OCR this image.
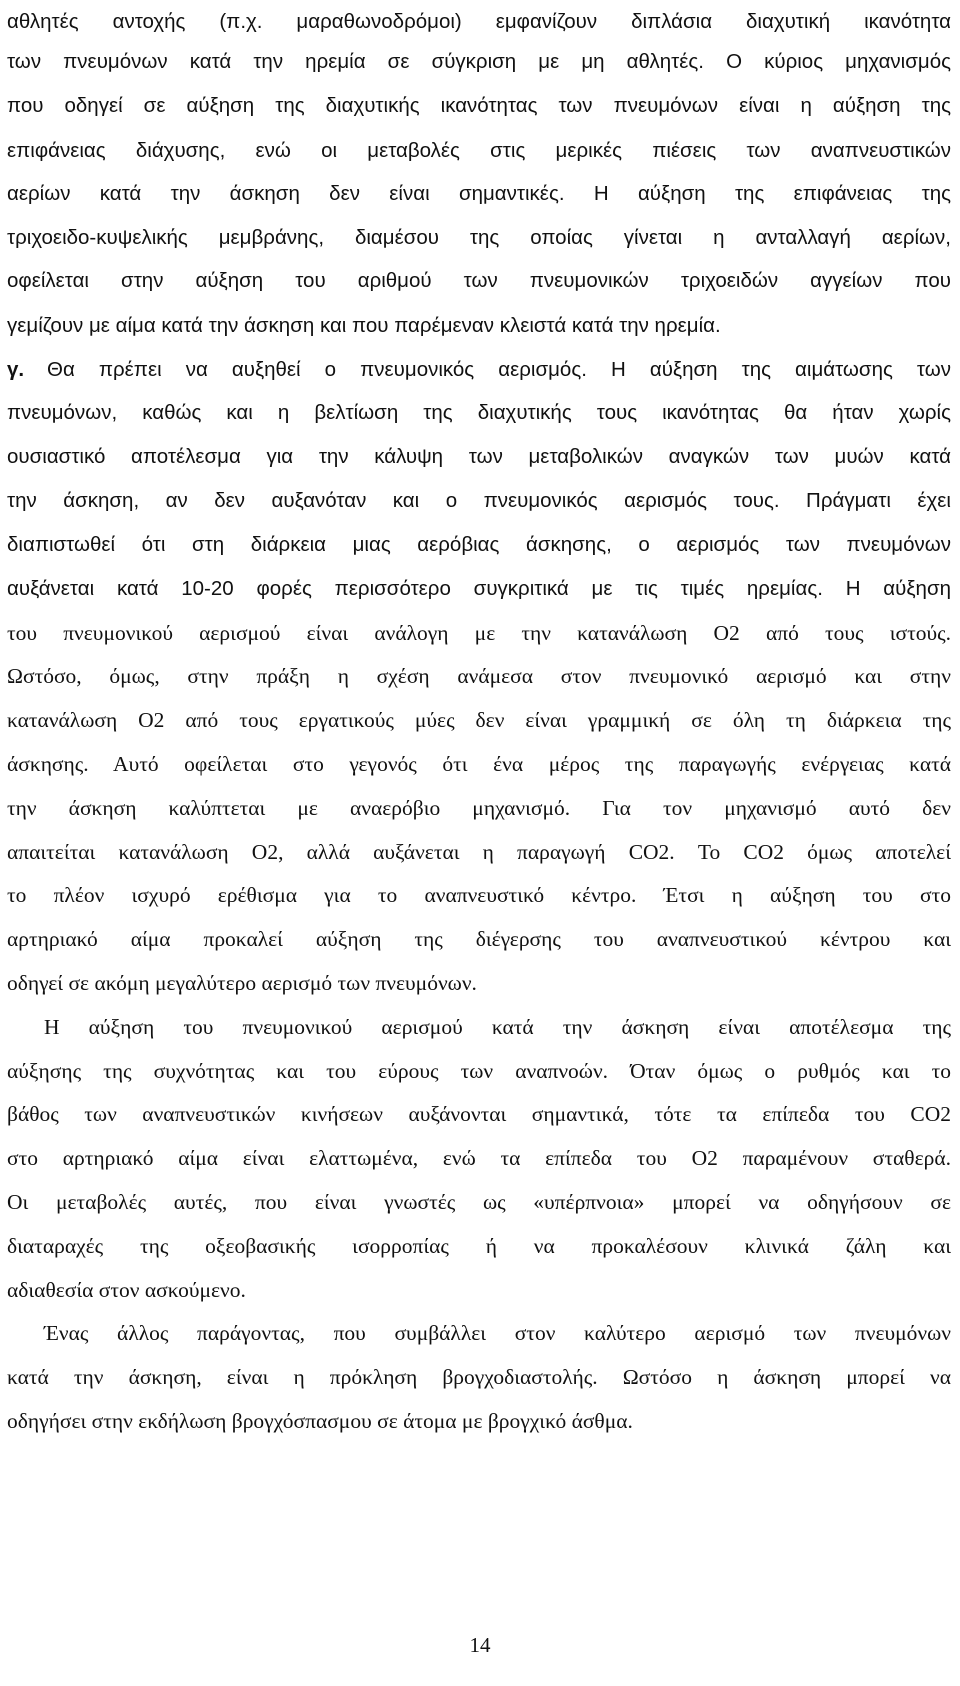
αθλητές αντοχής (π.χ. μαραθωνοδρόμοι) εμφανίζουν διπλάσια διαχυτική ικανότητα
των πνευμόνων κατά την ηρεμία σε σύγκριση με μη αθλητές. Ο κύριος μηχανισμός
που οδηγεί σε αύξηση της διαχυτικής ικανότητας των πνευμόνων είναι η αύξηση της
επιφάνειας διάχυσης, ενώ οι μεταβολές στις μερικές πιέσεις των αναπνευστικών
αερίων κατά την άσκηση δεν είναι σημαντικές. Η αύξηση της επιφάνειας της
τριχοειδο-κυψελικής μεμβράνης, διαμέσου της οποίας γίνεται η ανταλλαγή αερίων,
οφείλεται στην αύξηση του αριθμού των πνευμονικών τριχοειδών αγγείων που
γεμίζουν με αίμα κατά την άσκηση και που παρέμεναν κλειστά κατά την ηρεμία.
γ.	Θα πρέπει να αυξηθεί ο πνευμονικός αερισμός. Η αύξηση της αιμάτωσης των
πνευμόνων, καθώς και η βελτίωση της διαχυτικής τους ικανότητας θα ήταν χωρίς
ουσιαστικό αποτέλεσμα για την κάλυψη των μεταβολικών αναγκών των μυών κατά
την άσκηση, αν δεν αυξανόταν και ο πνευμονικός αερισμός τους. Πράγματι έχει
διαπιστωθεί ότι στη διάρκεια μιας αερόβιας άσκησης, ο αερισμός των πνευμόνων
αυξάνεται κατά 10-20 φορές περισσότερο συγκριτικά με τις τιμές ηρεμίας. Η αύξηση
του πνευμονικού αερισμού είναι ανάλογη με την κατανάλωση Ο2 από τους ιστούς.
Ωστόσο, όμως, στην πράξη η σχέση ανάμεσα στον πνευμονικό αερισμό και στην
κατανάλωση Ο2 από τους εργατικούς μύες δεν είναι γραμμική σε όλη τη διάρκεια της
άσκησης. Αυτό οφείλεται στο γεγονός ότι ένα μέρος της παραγωγής ενέργειας κατά
την άσκηση καλύπτεται με αναερόβιο μηχανισμό. Για τον μηχανισμό αυτό δεν
απαιτείται κατανάλωση Ο2, αλλά αυξάνεται η παραγωγή CO2. Το CO2 όμως αποτελεί
το πλέον ισχυρό ερέθισμα για το αναπνευστικό κέντρο. Έτσι η αύξηση του στο
αρτηριακό αίμα προκαλεί αύξηση της διέγερσης του αναπνευστικού κέντρου και
οδηγεί σε ακόμη μεγαλύτερο αερισμό των πνευμόνων.
Η αύξηση του πνευμονικού αερισμού κατά την άσκηση είναι αποτέλεσμα της
αύξησης της συχνότητας και του εύρους των αναπνοών. Όταν όμως ο ρυθμός και το
βάθος των αναπνευστικών κινήσεων αυξάνονται σημαντικά, τότε τα επίπεδα του CO2
στο αρτηριακό αίμα είναι ελαττωμένα, ενώ τα επίπεδα του Ο2 παραμένουν σταθερά.
Οι μεταβολές αυτές, που είναι γνωστές ως «υπέρπνοια» μπορεί να οδηγήσουν σε
διαταραχές της οξεοβασικής ισορροπίας ή να προκαλέσουν κλινικά ζάλη και
αδιαθεσία στον ασκούμενο.
Ένας άλλος παράγοντας, που συμβάλλει στον καλύτερο αερισμό των πνευμόνων
κατά την άσκηση, είναι η πρόκληση βρογχοδιαστολής. Ωστόσο η άσκηση μπορεί να
οδηγήσει στην εκδήλωση βρογχόσπασμου σε άτομα με βρογχικό άσθμα.
14
